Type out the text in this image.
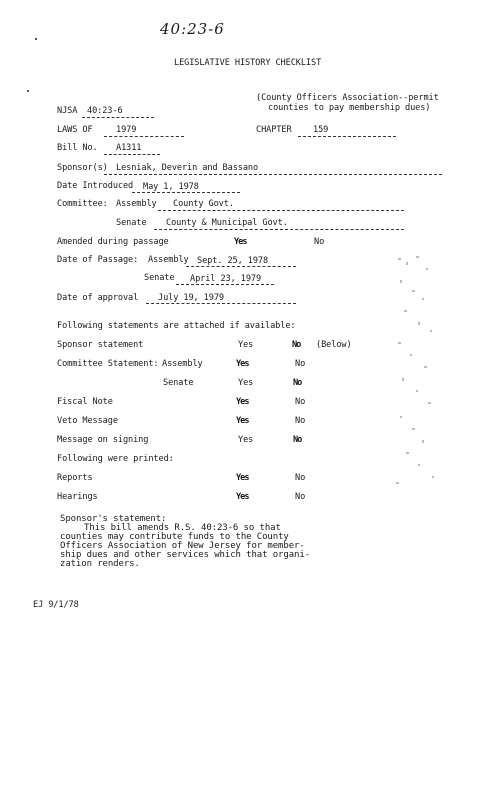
40:23-6
LEGISLATIVE HISTORY CHECKLIST
(County Officers Association--permit
counties to pay membership dues)
NJSA 40:23-6
LAWS OF	1979	CHAPTER 159
Bill No. A1311
Sponsor(s) Lesniak, Deverin and Bassano
Date Introduced May 1, 1978
Committee: Assembly County Govt.
Senate County & Municipal Govt.
Amended during passage	Yes	No
Date of Passage: Assembly Sept. 25, 1978
Senate April 23, 1979
Date of approval July 19, 1979
Following statements are attached if available:
Sponsor statement	Yes	No (Below)
Committee Statement: Assembly	Yes	No
Senate	Yes	No
Fiscal Note	Yes	No
Veto Message	Yes	No
Message on signing	Yes	No
Following were printed:
Reports	Yes	No
Hearings	Yes	No
Sponsor's statement:
This bill amends R.S. 40:23-6 so that
counties may contribute funds to the County
Officers Association of New Jersey for member-
ship dues and other services which that organi-
zation renders.
EJ 9/1/78
